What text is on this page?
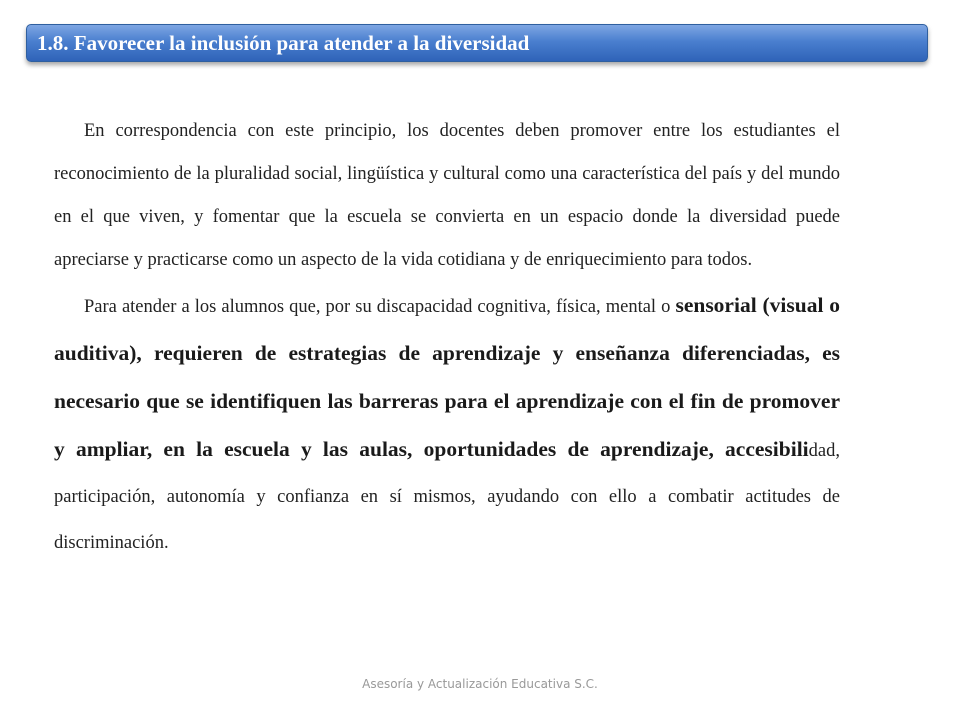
1.8. Favorecer la inclusión para atender a la diversidad

En correspondencia con este principio, los docentes deben promover entre los estudiantes el reconocimiento de la pluralidad social, lingüística y cultural como una característica del país y del mundo en el que viven, y fomentar que la escuela se convierta en un espacio donde la diversidad puede apreciarse y practicarse como un aspecto de la vida cotidiana y de enriquecimiento para todos.

Para atender a los alumnos que, por su discapacidad cognitiva, física, mental o sensorial (visual o auditiva), requieren de estrategias de aprendizaje y enseñanza diferenciadas, es necesario que se identifiquen las barreras para el aprendizaje con el fin de promover y ampliar, en la escuela y las aulas, oportunidades de aprendizaje, accesibilidad, participación, autonomía y confianza en sí mismos, ayudando con ello a combatir actitudes de discriminación.

Asesoría y Actualización Educativa S.C.
